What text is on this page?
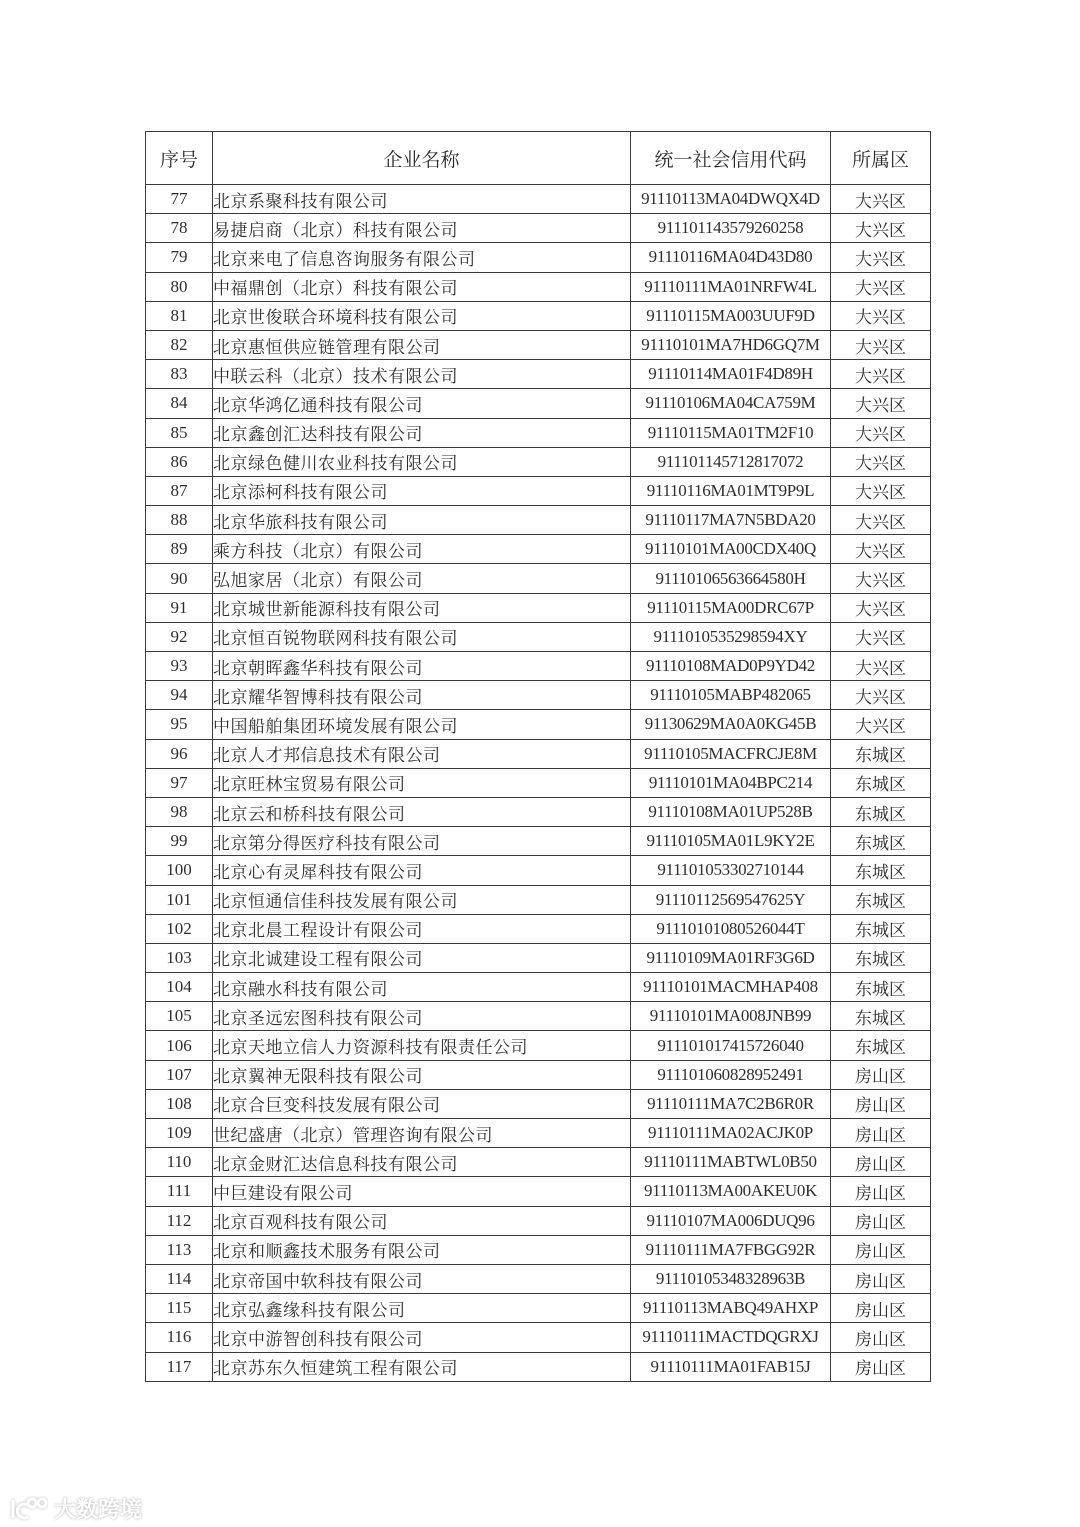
序号	企业名称	统一社会信用代码	所属区
77	北京系聚科技有限公司	91110113MA04DWQX4D	大兴区
78	易捷启商（北京）科技有限公司	911101143579260258	大兴区
79	北京来电了信息咨询服务有限公司	91110116MA04D43D80	大兴区
80	中福鼎创（北京）科技有限公司	91110111MA01NRFW4L	大兴区
81	北京世俊联合环境科技有限公司	91110115MA003UUF9D	大兴区
82	北京惠恒供应链管理有限公司	91110101MA7HD6GQ7M	大兴区
83	中联云科（北京）技术有限公司	91110114MA01F4D89H	大兴区
84	北京华鸿亿通科技有限公司	91110106MA04CA759M	大兴区
85	北京鑫创汇达科技有限公司	91110115MA01TM2F10	大兴区
86	北京绿色健川农业科技有限公司	911101145712817072	大兴区
87	北京添柯科技有限公司	91110116MA01MT9P9L	大兴区
88	北京华旅科技有限公司	91110117MA7N5BDA20	大兴区
89	乘方科技（北京）有限公司	91110101MA00CDX40Q	大兴区
90	弘旭家居（北京）有限公司	91110106563664580H	大兴区
91	北京城世新能源科技有限公司	91110115MA00DRC67P	大兴区
92	北京恒百锐物联网科技有限公司	9111010535298594XY	大兴区
93	北京朝晖鑫华科技有限公司	91110108MAD0P9YD42	大兴区
94	北京耀华智博科技有限公司	91110105MABP482065	大兴区
95	中国船舶集团环境发展有限公司	91130629MA0A0KG45B	大兴区
96	北京人才邦信息技术有限公司	91110105MACFRCJE8M	东城区
97	北京旺林宝贸易有限公司	91110101MA04BPC214	东城区
98	北京云和桥科技有限公司	91110108MA01UP528B	东城区
99	北京第分得医疗科技有限公司	91110105MA01L9KY2E	东城区
100	北京心有灵犀科技有限公司	911101053302710144	东城区
101	北京恒通信佳科技发展有限公司	91110112569547625Y	东城区
102	北京北晨工程设计有限公司	91110101080526044T	东城区
103	北京北诚建设工程有限公司	91110109MA01RF3G6D	东城区
104	北京融水科技有限公司	91110101MACMHAP408	东城区
105	北京圣远宏图科技有限公司	91110101MA008JNB99	东城区
106	北京天地立信人力资源科技有限责任公司	911101017415726040	东城区
107	北京翼神无限科技有限公司	911101060828952491	房山区
108	北京合巨变科技发展有限公司	91110111MA7C2B6R0R	房山区
109	世纪盛唐（北京）管理咨询有限公司	91110111MA02ACJK0P	房山区
110	北京金财汇达信息科技有限公司	91110111MABTWL0B50	房山区
111	中巨建设有限公司	91110113MA00AKEU0K	房山区
112	北京百观科技有限公司	91110107MA006DUQ96	房山区
113	北京和顺鑫技术服务有限公司	91110111MA7FBGG92R	房山区
114	北京帝国中软科技有限公司	91110105348328963B	房山区
115	北京弘鑫缘科技有限公司	91110113MABQ49AHXP	房山区
116	北京中游智创科技有限公司	91110111MACTDQGRXJ	房山区
117	北京苏东久恒建筑工程有限公司	91110111MA01FAB15J	房山区
大数跨境
